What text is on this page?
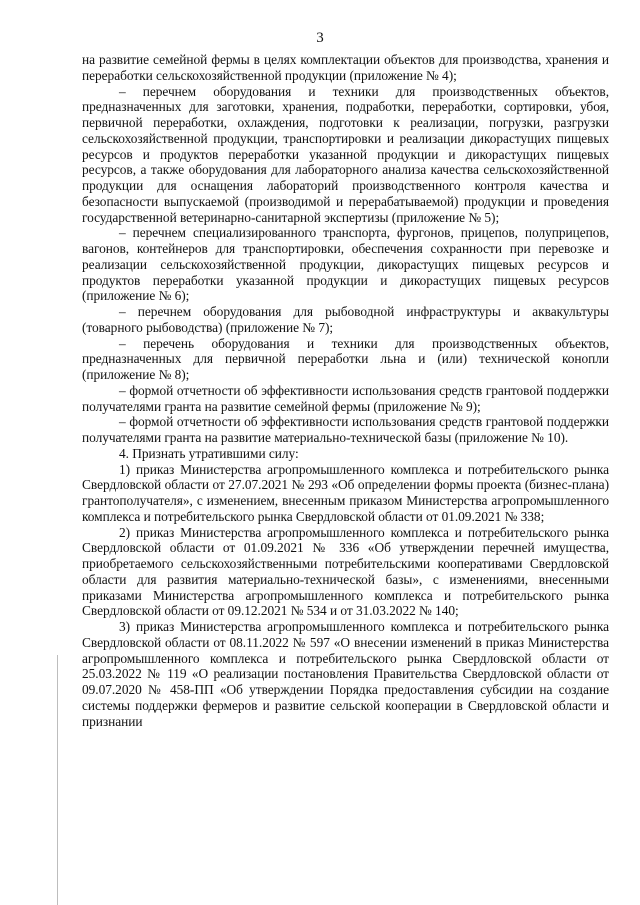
3

на развитие семейной фермы в целях комплектации объектов для производства, хранения и переработки сельскохозяйственной продукции (приложение № 4);

– перечнем оборудования и техники для производственных объектов, предназначенных для заготовки, хранения, подработки, переработки, сортировки, убоя, первичной переработки, охлаждения, подготовки к реализации, погрузки, разгрузки сельскохозяйственной продукции, транспортировки и реализации дикорастущих пищевых ресурсов и продуктов переработки указанной продукции и дикорастущих пищевых ресурсов, а также оборудования для лабораторного анализа качества сельскохозяйственной продукции для оснащения лабораторий производственного контроля качества и безопасности выпускаемой (производимой и перерабатываемой) продукции и проведения государственной ветеринарно-санитарной экспертизы (приложение № 5);

– перечнем специализированного транспорта, фургонов, прицепов, полуприцепов, вагонов, контейнеров для транспортировки, обеспечения сохранности при перевозке и реализации сельскохозяйственной продукции, дикорастущих пищевых ресурсов и продуктов переработки указанной продукции и дикорастущих пищевых ресурсов (приложение № 6);

– перечнем оборудования для рыбоводной инфраструктуры и аквакультуры (товарного рыбоводства) (приложение № 7);

– перечень оборудования и техники для производственных объектов, предназначенных для первичной переработки льна и (или) технической конопли (приложение № 8);

– формой отчетности об эффективности использования средств грантовой поддержки получателями гранта на развитие семейной фермы (приложение № 9);

– формой отчетности об эффективности использования средств грантовой поддержки получателями гранта на развитие материально-технической базы (приложение № 10).

4. Признать утратившими силу:

1) приказ Министерства агропромышленного комплекса и потребительского рынка Свердловской области от 27.07.2021 № 293 «Об определении формы проекта (бизнес-плана) грантополучателя», с изменением, внесенным приказом Министерства агропромышленного комплекса и потребительского рынка Свердловской области от 01.09.2021 № 338;

2) приказ Министерства агропромышленного комплекса и потребительского рынка Свердловской области от 01.09.2021 № 336 «Об утверждении перечней имущества, приобретаемого сельскохозяйственными потребительскими кооперативами Свердловской области для развития материально-технической базы», с изменениями, внесенными приказами Министерства агропромышленного комплекса и потребительского рынка Свердловской области от 09.12.2021 № 534 и от 31.03.2022 № 140;

3) приказ Министерства агропромышленного комплекса и потребительского рынка Свердловской области от 08.11.2022 № 597 «О внесении изменений в приказ Министерства агропромышленного комплекса и потребительского рынка Свердловской области от 25.03.2022 № 119 «О реализации постановления Правительства Свердловской области от 09.07.2020 № 458-ПП «Об утверждении Порядка предоставления субсидии на создание системы поддержки фермеров и развитие сельской кооперации в Свердловской области и признании
